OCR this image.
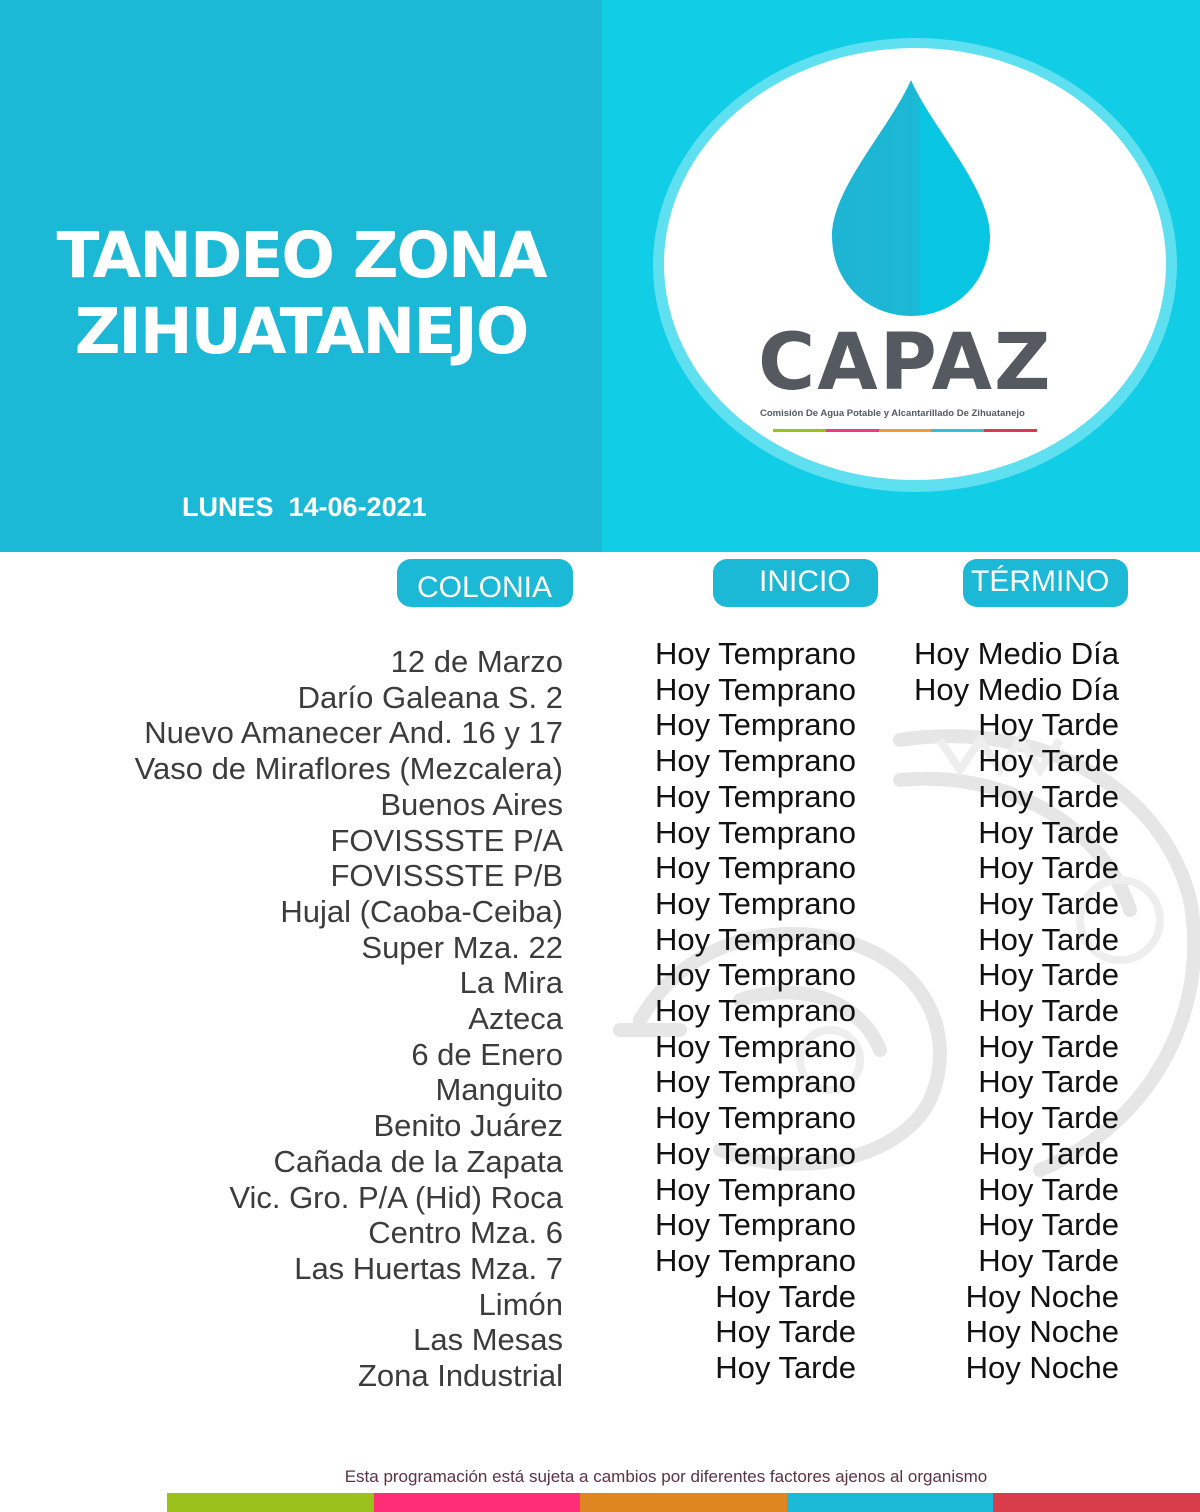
TANDEO ZONA
ZIHUATANEJO
LUNES  14-06-2021
CAPAZ
Comisión De Agua Potable y Alcantarillado De Zihuatanejo
COLONIA	INICIO	TÉRMINO
12 de Marzo
Darío Galeana S. 2
Nuevo Amanecer And. 16 y 17
Vaso de Miraflores (Mezcalera)
Buenos Aires
FOVISSSTE P/A
FOVISSSTE P/B
Hujal (Caoba-Ceiba)
Super Mza. 22
La Mira
Azteca
6 de Enero
Manguito
Benito Juárez
Cañada de la Zapata
Vic. Gro. P/A (Hid) Roca
Centro Mza. 6
Las Huertas Mza. 7
Limón
Las Mesas
Zona Industrial
Hoy Temprano
Hoy Temprano
Hoy Temprano
Hoy Temprano
Hoy Temprano
Hoy Temprano
Hoy Temprano
Hoy Temprano
Hoy Temprano
Hoy Temprano
Hoy Temprano
Hoy Temprano
Hoy Temprano
Hoy Temprano
Hoy Temprano
Hoy Temprano
Hoy Temprano
Hoy Temprano
Hoy Tarde
Hoy Tarde
Hoy Tarde
Hoy Medio Día
Hoy Medio Día
Hoy Tarde
Hoy Tarde
Hoy Tarde
Hoy Tarde
Hoy Tarde
Hoy Tarde
Hoy Tarde
Hoy Tarde
Hoy Tarde
Hoy Tarde
Hoy Tarde
Hoy Tarde
Hoy Tarde
Hoy Tarde
Hoy Tarde
Hoy Tarde
Hoy Noche
Hoy Noche
Hoy Noche
Esta programación está sujeta a cambios por diferentes factores ajenos al organismo
